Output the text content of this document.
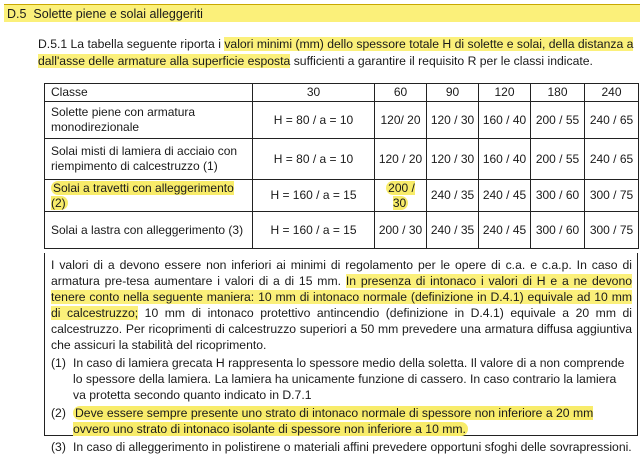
D.5 Solette piene e solai alleggeriti
D.5.1 La tabella seguente riporta i valori minimi (mm) dello spessore totale H di solette e solai, della distanza a dall'asse delle armature alla superficie esposta sufficienti a garantire il requisito R per le classi indicate.
Classe	30	60	90	120	180	240
Solette piene con armatura monodirezionale	H = 80 / a = 10	120/ 20	120 / 30	160 / 40	200 / 55	240 / 65
Solai misti di lamiera di acciaio con riempimento di calcestruzzo (1)	H = 80 / a = 10	120 / 20	120 / 30	160 / 40	200 / 55	240 / 65
Solai a travetti con alleggerimento (2)	H = 160 / a = 15	200 / 30	240 / 35	240 / 45	300 / 60	300 / 75
Solai a lastra con alleggerimento (3)	H = 160 / a = 15	200 / 30	240 / 35	240 / 45	300 / 60	300 / 75

I valori di a devono essere non inferiori ai minimi di regolamento per le opere di c.a. e c.a.p. In caso di armatura pre-tesa aumentare i valori di a di 15 mm. In presenza di intonaco i valori di H e a ne devono tenere conto nella seguente maniera: 10 mm di intonaco normale (definizione in D.4.1) equivale ad 10 mm di calcestruzzo; 10 mm di intonaco protettivo antincendio (definizione in D.4.1) equivale a 20 mm di calcestruzzo. Per ricoprimenti di calcestruzzo superiori a 50 mm prevedere una armatura diffusa aggiuntiva che assicuri la stabilità del ricoprimento.

(1) In caso di lamiera grecata H rappresenta lo spessore medio della soletta. Il valore di a non comprende lo spessore della lamiera. La lamiera ha unicamente funzione di cassero. In caso contrario la lamiera va protetta secondo quanto indicato in D.7.1
(2) Deve essere sempre presente uno strato di intonaco normale di spessore non inferiore a 20 mm ovvero uno strato di intonaco isolante di spessore non inferiore a 10 mm.
(3) In caso di alleggerimento in polistirene o materiali affini prevedere opportuni sfoghi delle sovrapressioni.
